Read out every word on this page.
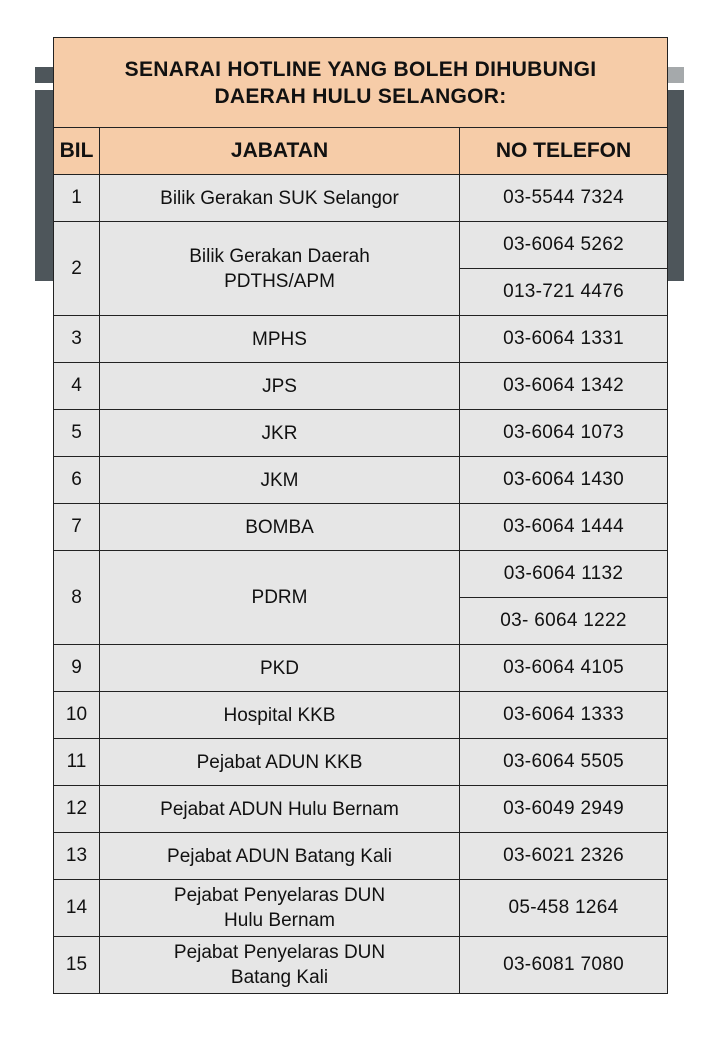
SENARAI HOTLINE YANG BOLEH DIHUBUNGI
DAERAH HULU SELANGOR:		

BIL	JABATAN	NO TELEFON
1	Bilik Gerakan SUK Selangor	03-5544 7324
2	Bilik Gerakan Daerah
PDTHS/APM	03-6064 5262
		013-721 4476
3	MPHS	03-6064 1331
4	JPS	03-6064 1342
5	JKR	03-6064 1073
6	JKM	03-6064 1430
7	BOMBA	03-6064 1444
8	PDRM	03-6064 1132
		03- 6064 1222
9	PKD	03-6064 4105
10	Hospital KKB	03-6064 1333
11	Pejabat ADUN KKB	03-6064 5505
12	Pejabat ADUN Hulu Bernam	03-6049 2949
13	Pejabat ADUN Batang Kali	03-6021 2326
14	Pejabat Penyelaras DUN
Hulu Bernam	05-458 1264
15	Pejabat Penyelaras DUN
Batang Kali	03-6081 7080
